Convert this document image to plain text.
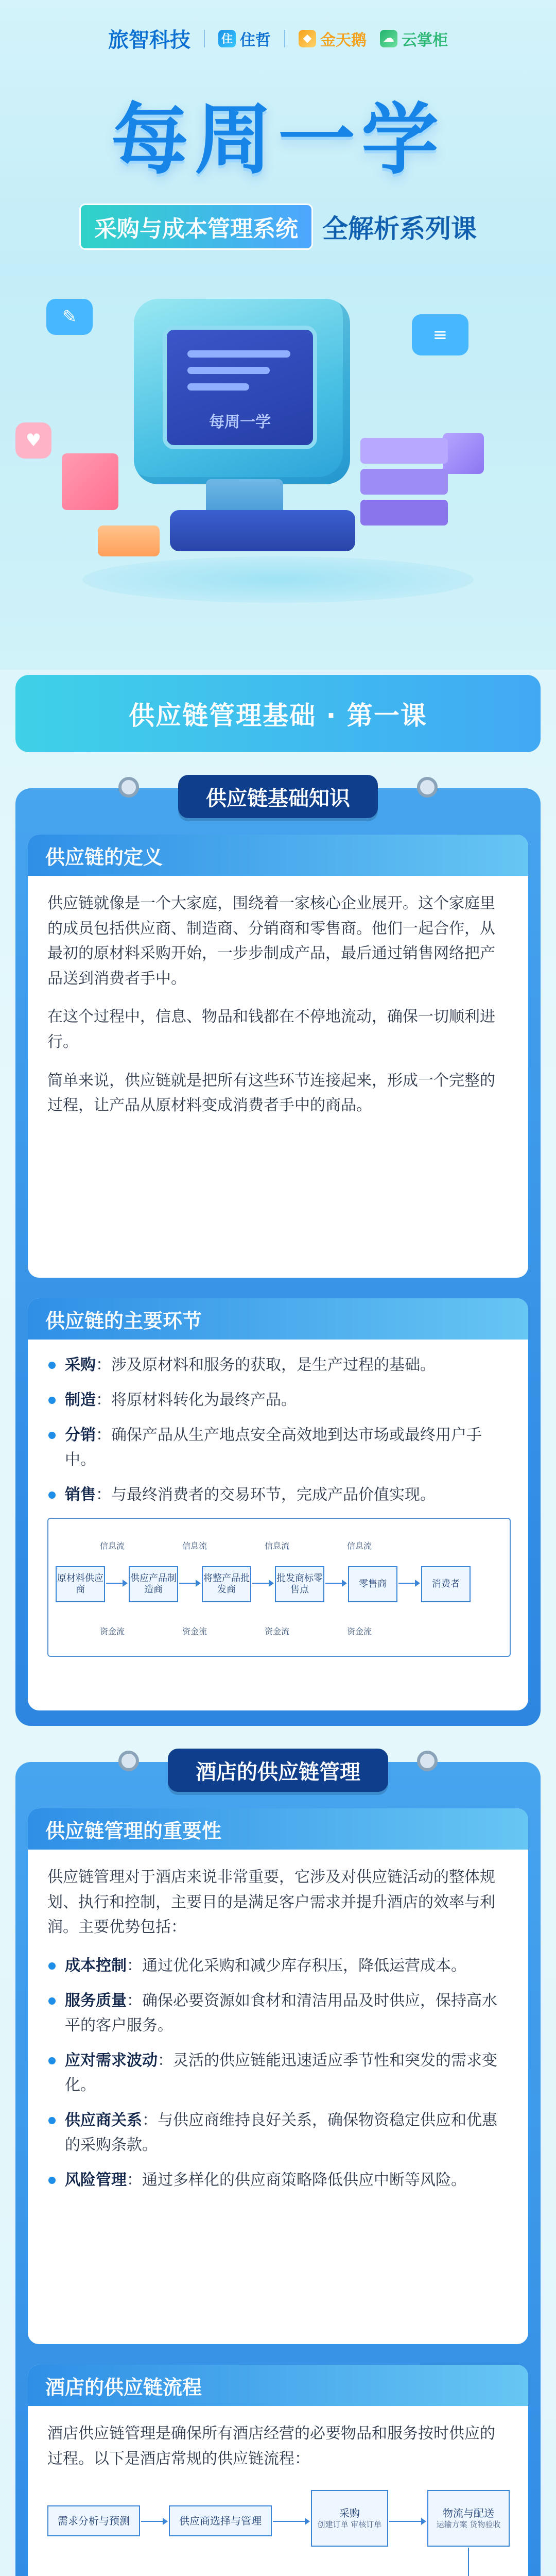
旅智科技	住 住哲	◆ 金天鹅 ☁ 云掌柜
每周一学
采购与成本管理系统 全解析系列课
✎
≡
♥
每周一学
供应链管理基础 · 第一课
供应链基础知识
供应链的定义

供应链就像是一个大家庭，围绕着一家核心企业展开。这个家庭里的成员包括供应商、制造商、分销商和零售商。他们一起合作，从最初的原材料采购开始，一步步制成产品，最后通过销售网络把产品送到消费者手中。

在这个过程中，信息、物品和钱都在不停地流动，确保一切顺利进行。

简单来说，供应链就是把所有这些环节连接起来，形成一个完整的过程，让产品从原材料变成消费者手中的商品。

供应链的主要环节
采购：涉及原材料和服务的获取，是生产过程的基础。
制造：将原材料转化为最终产品。
分销：确保产品从生产地点安全高效地到达市场或最终用户手中。
销售：与最终消费者的交易环节，完成产品价值实现。
原材料供应商
供应产品制造商
将整产品批发商
批发商标零售点
零售商	消费者
信息流	信息流	信息流	信息流
资金流	资金流	资金流	资金流
酒店的供应链管理
供应链管理的重要性

供应链管理对于酒店来说非常重要，它涉及对供应链活动的整体规划、执行和控制，主要目的是满足客户需求并提升酒店的效率与利润。主要优势包括：

成本控制：通过优化采购和减少库存积压，降低运营成本。
服务质量：确保必要资源如食材和清洁用品及时供应，保持高水平的客户服务。
应对需求波动：灵活的供应链能迅速适应季节性和突发的需求变化。
供应商关系：与供应商维持良好关系，确保物资稳定供应和优惠的采购条款。
风险管理：通过多样化的供应商策略降低供应中断等风险。
酒店的供应链流程

酒店供应链管理是确保所有酒店经营的必要物品和服务按时供应的过程。以下是酒店常规的供应链流程：

需求分析与预测	供应商选择与管理
采购
创建订单 审核订单
物流与配送
运输方案 货物验收
